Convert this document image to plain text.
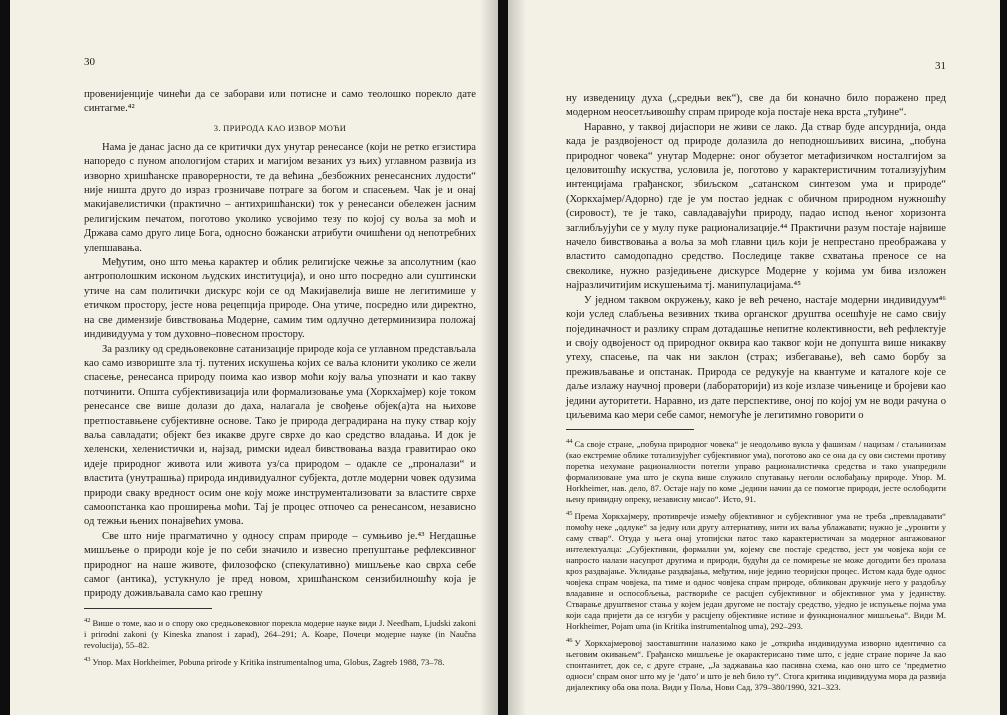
30

провенијенције чинећи да се заборави или потисне и само теолошко порекло дате синтагме.⁴²

3. ПРИРОДА КАО ИЗВОР МОЋИ

Нама је данас јасно да се критички дух унутар ренесансе (који не ретко егзистира напоредо с пуном апологијом старих и магијом везаних уз њих) углавном развија из изворно хришћанске праворерности, те да већина „безбожних ренесансних лудости“ није ништа друго до израз грозничаве потраге за богом и спасењем. Чак је и онај макијавелистички (практично – антихришћански) ток у ренесанси обележен јасним религијским печатом, поготово уколико усвојимо тезу по којој су воља за моћ и Држава само друго лице Бога, односно божански атрибути очишћени од непотребних улепшавања.

Међутим, оно што мења карактер и облик религијске чежње за апсолутним (као антрополошким исконом људских институција), и оно што посредно али суштински утиче на сам политички дискурс који се од Макијавелија више не легитимише у етичком простору, јесте нова рецепција природе. Она утиче, посредно или директно, на све димензије бивствовања Модерне, самим тим одлучно детерминизира положај индивидуума у том духовно–повесном простору.

За разлику од средњовековне сатанизације природе која се углавном представљала као само извориште зла тј. путених искушења којих се ваља клонити уколико се жели спасење, ренесанса природу поима као извор моћи коју ваља упознати и као такву потчинити. Општа субјективизација или формализовање ума (Хоркхајмер) које током ренесансе све више долази до даха, налагала је свођење објек(а)та на њихове претпоставњене субјективне основе. Тако је природа деградирана на пуку ствар коју ваља савладати; објект без икакве друге сврхе до као средство владања. И док је хеленски, хеленистички и, најзад, римски идеал бивствовања вазда гравитирао око идеје природног живота или живота уз/са природом – одакле се „проналази“ и властита (унутрашња) природа индивидуалног субјекта, дотле модерни човек одузима природи сваку вредност осим оне коју може инструментализовати за властите сврхе самоопстанка као проширења моћи. Тај је процес отпочео са ренесансом, независно од тежњи њених понајвећих умова.

Све што није прагматично у односу спрам природе – сумњиво је.⁴³ Негдашње мишљење о природи које је по себи значило и извесно препуштање рефлексивног природног на наше животе, филозофско (спекулативно) мишљење као сврха себе самог (антика), устукнуло је пред новом, хришћанском сензибилношћу која је природу доживљавала само као грешну

$^{42}$ Више о томе, као и о спору око средњовековног порекла модерне науке види J. Needham, Ljudski zakoni i prirodni zakoni (у Kineska znanost i zapad), 264–291; А. Коаре, Почеци модерне науке (in Naučna revolucija), 55–82.
$^{43}$ Упор. Max Horkheimer, Pobuna prirode у Kritika instrumentalnog uma, Globus, Zagreb 1988, 73–78.
31

ну изведеницу духа („средњи век“), све да би коначно било поражено пред модерном неосетљивошћу спрам природе која постаје нека врста „туђине“.

Наравно, у таквој дијаспори не живи се лако. Да ствар буде апсурднија, онда када је раздвојеност од природе долазила до неподношљивих висина, „побуна природног човека“ унутар Модерне: оног обузетог метафизичком носталгијом за целовитошћу искуства, условила је, поготово у карактеристичним тотализујућим интенцијама грађанског, збиљском „сатанском синтезом ума и природе“ (Хоркхајмер/Адорно) где је ум постао једнак с обичном природном нужношћу (сировост), те је тако, савладавајући природу, падао испод њеног хоризонта заглибљујући се у мулу пуке рационализације.⁴⁴ Практични разум постаје највише начело бивствовања а воља за моћ главни циљ који је непрестано преображава у властито самодопадно средство. Последице такве схватања преносе се на свеколике, нужно разједињене дискурсе Модерне у којима ум бива изложен најразличитијим искушењима тј. манипулацијама.⁴⁵

У једном таквом окружењу, како је већ речено, настаје модерни индивидуум⁴⁶ који услед слабљења везивних ткива органског друштва осешћује не само свију појединачност и разлику спрам дотадашње непитне колективности, већ рефлектује и своју одвојеност од природног оквира као таквог који не допушта више никакву утеху, спасење, па чак ни заклон (страх; избегавање), већ само борбу за преживљавање и опстанак. Природа се редукује на квантуме и каталоге које се даље излажу научној провери (лабораторији) из које излазе чињенице и бројеви као једини ауторитети. Наравно, из дате перспективе, оној по којој ум не води рачуна о циљевима као мери себе самог, немогуће је легитимно говорити о

$^{44}$ Са своје стране, „побуна природног човека“ је неодољиво вукла у фашизам / нацизам / стаљинизам (као екстремне облике тотализујућег субјективног ума), поготово ако се она да су ови системи противу поретка нехумане рационалности потегли управо рационалистичка средства и тако унапредили формализоване ума што је скупа више служило спутавању неголи ослобађању природе. Упор. M. Horkheimer, нав. дело, 87. Остаје нају по коме „једини начин да се помогне природи, јесте ослободити њену привидну опреку, независну мисао“. Исто, 91.
$^{45}$ Према Хоркхајмеру, противречје између објективног и субјективног ума не треба „превладавати“ помоћу неке „одлуке“ за једну или другу алтернативу, нити их ваља ублажавати; нужно је „уронити у саму ствар“. Отуда у њега онај утопијски патос тако карактеристичан за модерног ангажованог интелектуалца: „Субјективни, формални ум, којему све постаје средство, јест ум човјека који се напросто налази насупрот другима и природи, будући да се помирење не може догодити без пролаза кроз раздвајање. Уклидање раздвајања, међутим, није једино теоријски процес. Истом када буде однос човјека спрам човјека, па тиме и однос човјека спрам природе, обликован друкчије него у раздобљу владавине и оспособљења, раствориће се расцјеп субјективног и објективног ума у јединству. Стварање друштвеног стања у којем један другоме не постају средство, уједно је испуњење појма ума који сада пријети да се изгуби у расцјепу објективне истине и функционалног мишљења“. Види M. Horkheimer, Pojam uma (in Kritika instrumentalnog uma), 292–293.
$^{46}$ У Хоркхајмеровој заоставштини налазимо како је „открића индивидуума изворно идентично са његовим окивањем“. Грађанско мишљење је окарактерисано тиме што, с једне стране пориче Ја као спонтанитет, док се, с друге стране, „Ја заджавања као пасивна схема, као оно што се ‘предметно односи’ спрам оног што му је ‘дато’ и што је већ било ту“. Стога критика индивидуума мора да развија дијалектику оба ова пола. Види у Поља, Нови Сад, 379–380/1990, 321–323.
